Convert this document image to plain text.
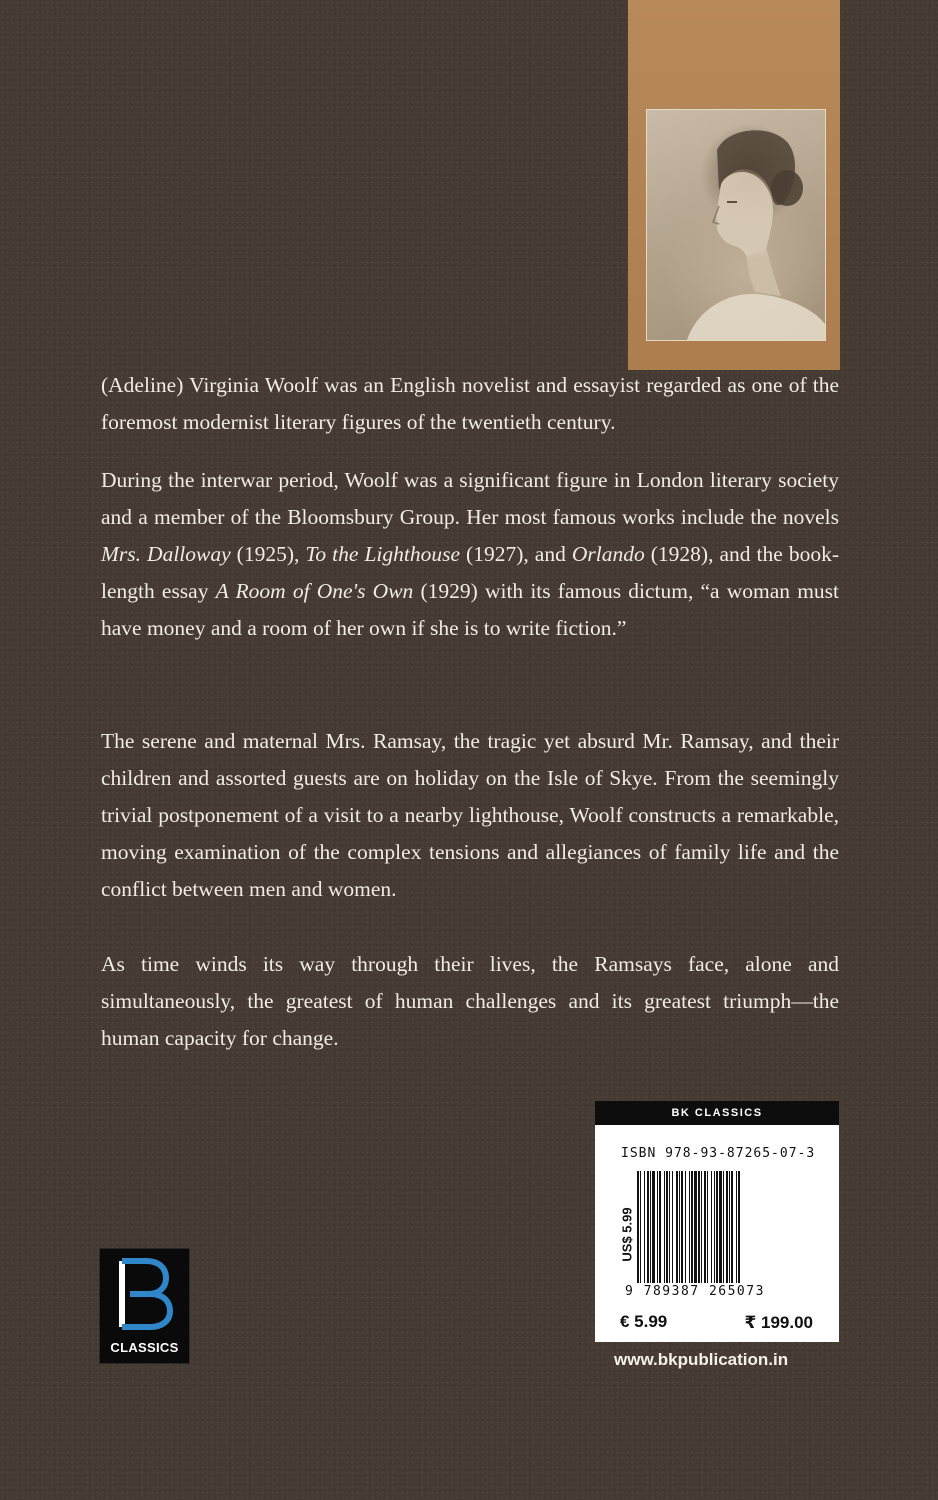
(Adeline) Virginia Woolf was an English novelist and essayist regarded as one of the foremost modernist literary figures of the twentieth century.

During the interwar period, Woolf was a significant figure in London literary society and a member of the Bloomsbury Group. Her most famous works include the novels Mrs. Dalloway (1925), To the Lighthouse (1927), and Orlando (1928), and the book-length essay A Room of One's Own (1929) with its famous dictum, “a woman must have money and a room of her own if she is to write fiction.”

The serene and maternal Mrs. Ramsay, the tragic yet absurd Mr. Ramsay, and their children and assorted guests are on holiday on the Isle of Skye. From the seemingly trivial postponement of a visit to a nearby lighthouse, Woolf constructs a remarkable, moving examination of the complex tensions and allegiances of family life and the conflict between men and women.

As time winds its way through their lives, the Ramsays face, alone and simultaneously, the greatest of human challenges and its greatest triumph—the human capacity for change.

BK CLASSICS
ISBN 978-93-87265-07-3
US$ 5.99
9 789387 265073
€ 5.99	₹ 199.00
www.bkpublication.in
CLASSICS
